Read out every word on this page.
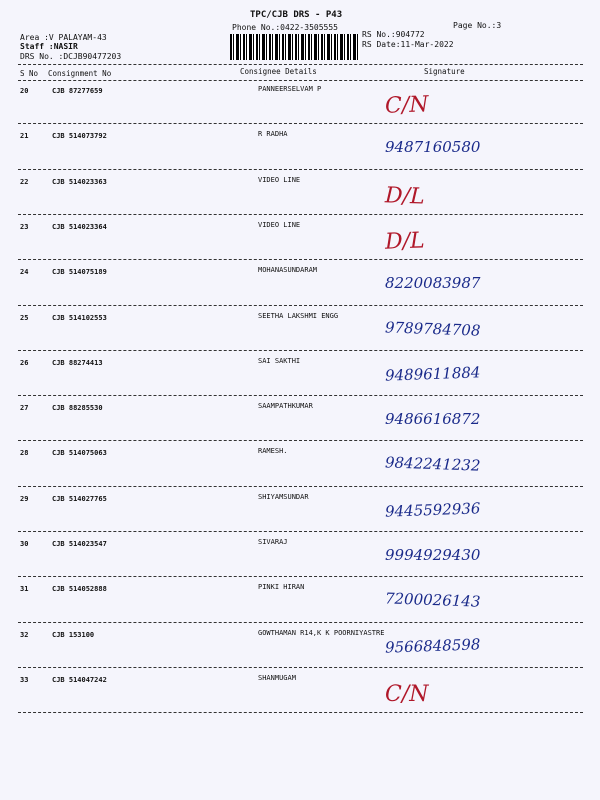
TPC/CJB DRS - P43
Phone No.:0422-3505555	Page No.:3
Area :V PALAYAM-43
Staff :NASIR
DRS No. :DCJB90477203
RS No.:904772
RS Date:11-Mar-2022
S No Consignment No	Consignee Details	Signature
20	CJB 87277659	PANNEERSELVAM P
C/N
21	CJB 514073792	R RADHA
9487160580
22	CJB 514023363	VIDEO LINE
D/L
23	CJB 514023364	VIDEO LINE
D/L
24	CJB 514075189	MOHANASUNDARAM
8220083987
25	CJB 514102553	SEETHA LAKSHMI ENGG
9789784708
26	CJB 88274413	SAI SAKTHI
9489611884
27	CJB 88285530	SAAMPATHKUMAR
9486616872
28	CJB 514075063	RAMESH.
9842241232
29	CJB 514027765	SHIYAMSUNDAR
9445592936
30	CJB 514023547	SIVARAJ
9994929430
31	CJB 514052888	PINKI HIRAN
7200026143
32	CJB 153100	GOWTHAMAN R14,K K POORNIYASTRE
9566848598
33	CJB 514047242	SHANMUGAM
C/N
